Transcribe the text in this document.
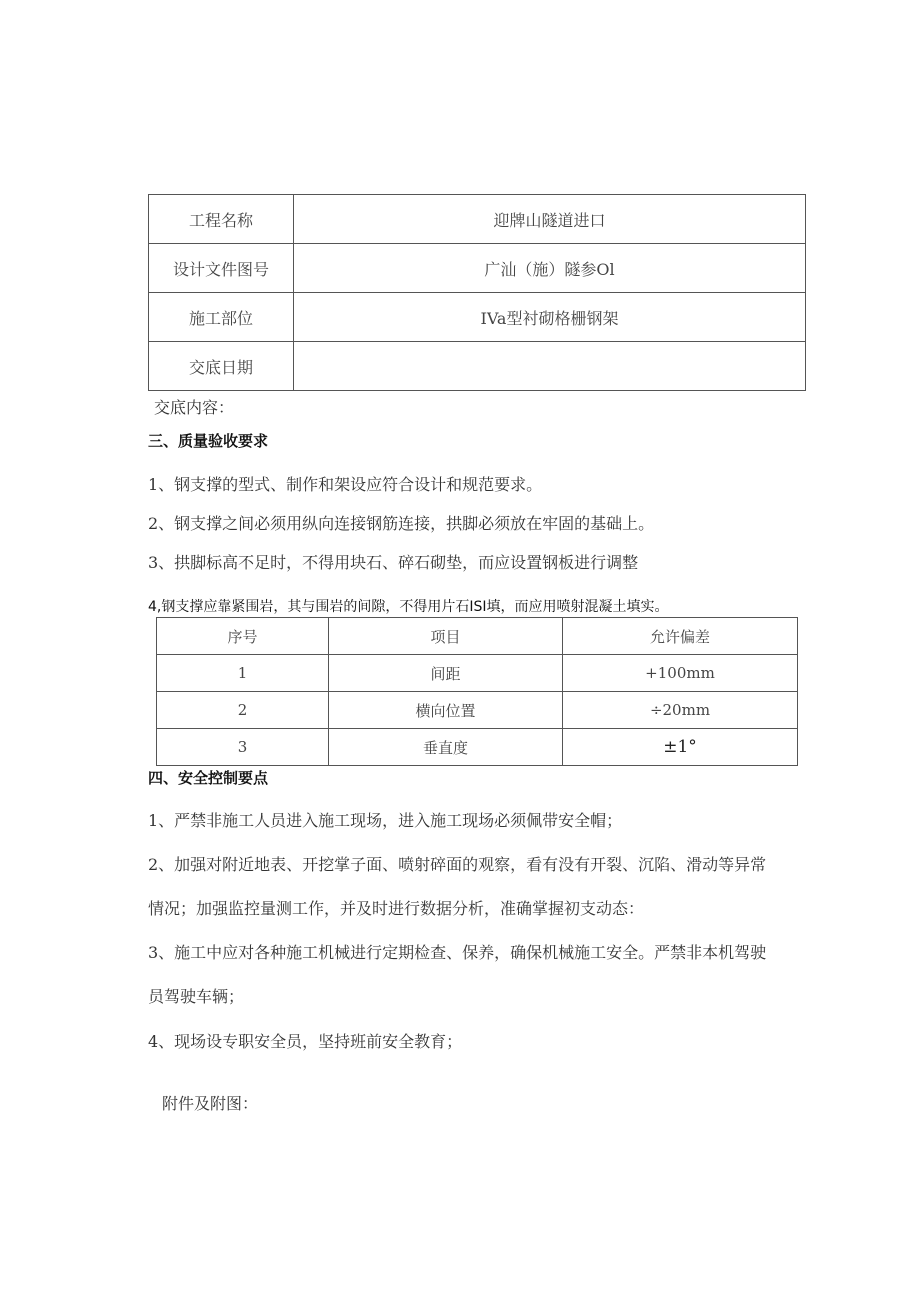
工程名称	迎牌山隧道进口
设计文件图号	广汕（施）隧参Ol
施工部位	IVa型衬砌格栅钢架
交底日期	
交底内容：
三、质量验收要求
1、钢支撑的型式、制作和架设应符合设计和规范要求。
2、钢支撑之间必须用纵向连接钢筋连接，拱脚必须放在牢固的基础上。
3、拱脚标高不足时，不得用块石、碎石砌垫，而应设置钢板进行调整
4,钢支撑应靠紧围岩，其与围岩的间隙，不得用片石ISI填，而应用喷射混凝土填实。
序号	项目	允许偏差
1	间距	+100mm
2	横向位置	÷20mm
3	垂直度	±1°
四、安全控制要点
1、严禁非施工人员进入施工现场，进入施工现场必须佩带安全帽；
2、加强对附近地表、开挖掌子面、喷射碎面的观察，看有没有开裂、沉陷、滑动等异常
情况；加强监控量测工作，并及时进行数据分析，准确掌握初支动态：
3、施工中应对各种施工机械进行定期检查、保养，确保机械施工安全。严禁非本机驾驶
员驾驶车辆；
4、现场设专职安全员，坚持班前安全教育；
附件及附图：
